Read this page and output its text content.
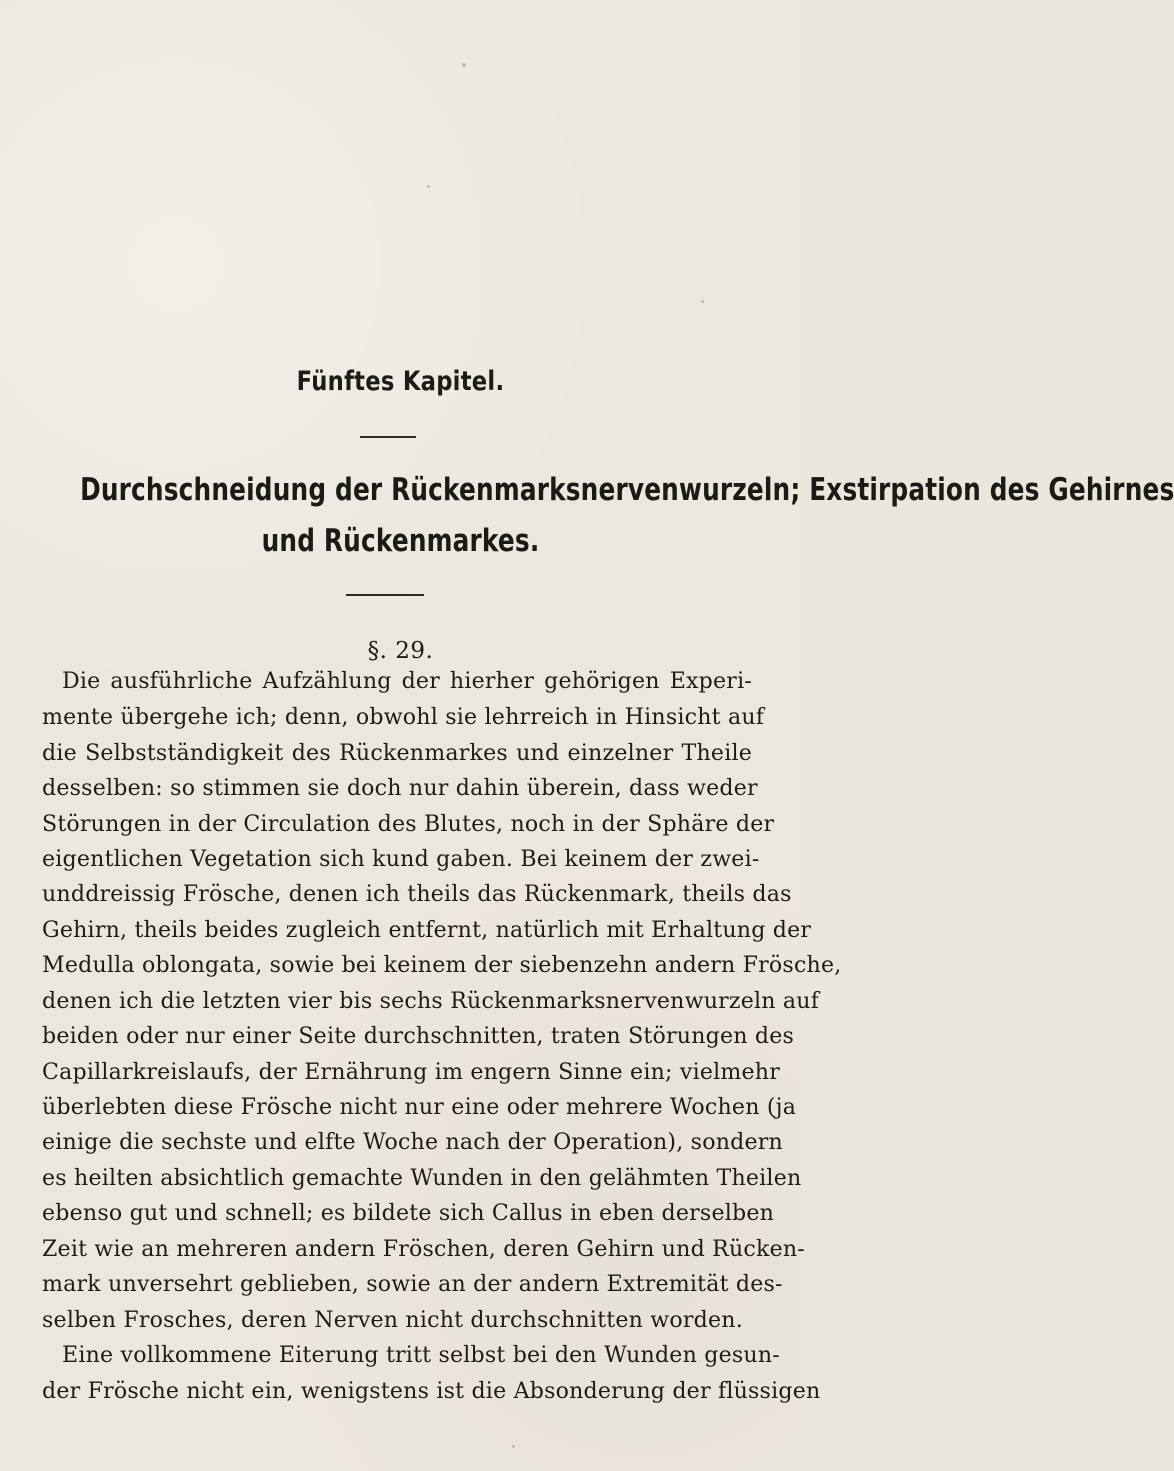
Fünftes Kapitel.
Durchschneidung der Rückenmarksnervenwurzeln; Exstirpation des Gehirnes
und Rückenmarkes.
§. 29.
Die ausführliche Aufzählung der hierher gehörigen Experi-
mente übergehe ich; denn, obwohl sie lehrreich in Hinsicht auf
die Selbstständigkeit des Rückenmarkes und einzelner Theile
desselben: so stimmen sie doch nur dahin überein, dass weder
Störungen in der Circulation des Blutes, noch in der Sphäre der
eigentlichen Vegetation sich kund gaben. Bei keinem der zwei-
unddreissig Frösche, denen ich theils das Rückenmark, theils das
Gehirn, theils beides zugleich entfernt, natürlich mit Erhaltung der
Medulla oblongata, sowie bei keinem der siebenzehn andern Frösche,
denen ich die letzten vier bis sechs Rückenmarksnervenwurzeln auf
beiden oder nur einer Seite durchschnitten, traten Störungen des
Capillarkreislaufs, der Ernährung im engern Sinne ein; vielmehr
überlebten diese Frösche nicht nur eine oder mehrere Wochen (ja
einige die sechste und elfte Woche nach der Operation), sondern
es heilten absichtlich gemachte Wunden in den gelähmten Theilen
ebenso gut und schnell; es bildete sich Callus in eben derselben
Zeit wie an mehreren andern Fröschen, deren Gehirn und Rücken-
mark unversehrt geblieben, sowie an der andern Extremität des-
selben Frosches, deren Nerven nicht durchschnitten worden.
Eine vollkommene Eiterung tritt selbst bei den Wunden gesun-
der Frösche nicht ein, wenigstens ist die Absonderung der flüssigen
